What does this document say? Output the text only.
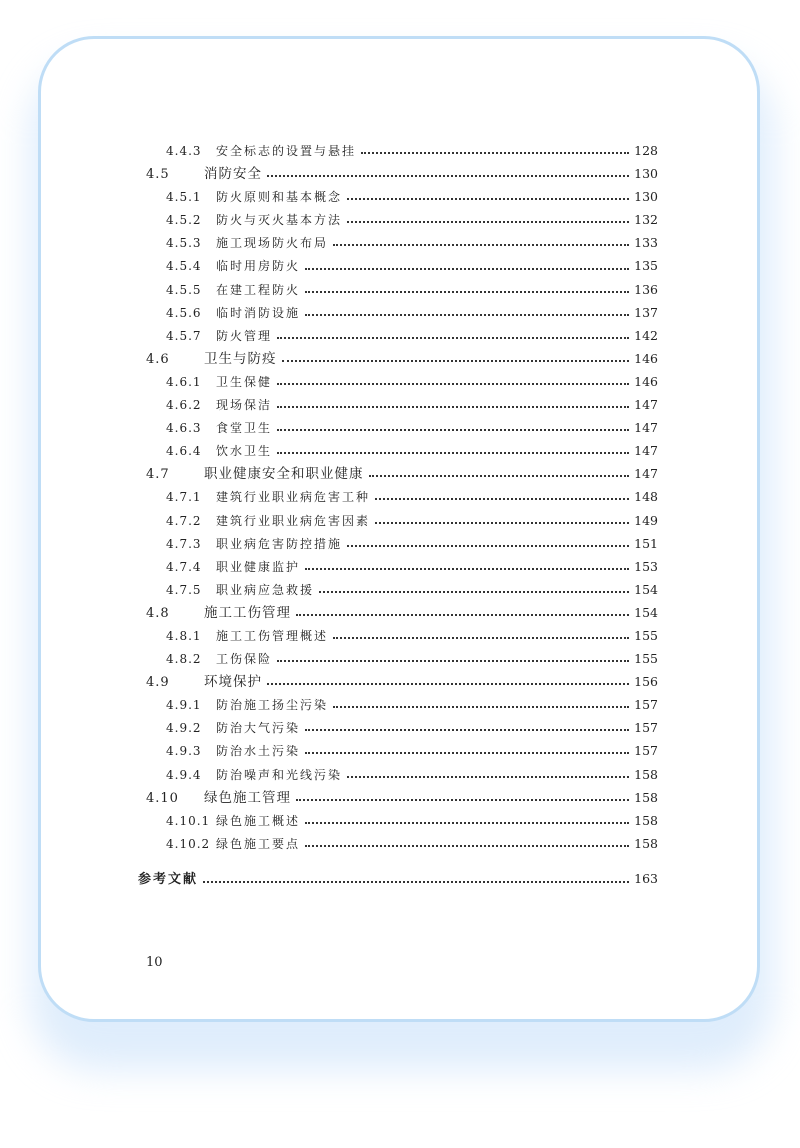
4.4.3	安全标志的设置与悬挂	128
4.5	消防安全	130
4.5.1	防火原则和基本概念	130
4.5.2	防火与灭火基本方法	132
4.5.3	施工现场防火布局	133
4.5.4	临时用房防火	135
4.5.5	在建工程防火	136
4.5.6	临时消防设施	137
4.5.7	防火管理	142
4.6	卫生与防疫	146
4.6.1	卫生保健	146
4.6.2	现场保洁	147
4.6.3	食堂卫生	147
4.6.4	饮水卫生	147
4.7	职业健康安全和职业健康	147
4.7.1	建筑行业职业病危害工种	148
4.7.2	建筑行业职业病危害因素	149
4.7.3	职业病危害防控措施	151
4.7.4	职业健康监护	153
4.7.5	职业病应急救援	154
4.8	施工工伤管理	154
4.8.1	施工工伤管理概述	155
4.8.2	工伤保险	155
4.9	环境保护	156
4.9.1	防治施工扬尘污染	157
4.9.2	防治大气污染	157
4.9.3	防治水土污染	157
4.9.4	防治噪声和光线污染	158
4.10	绿色施工管理	158
4.10.1 绿色施工概述	158
4.10.2 绿色施工要点	158
参考文献	163
10
